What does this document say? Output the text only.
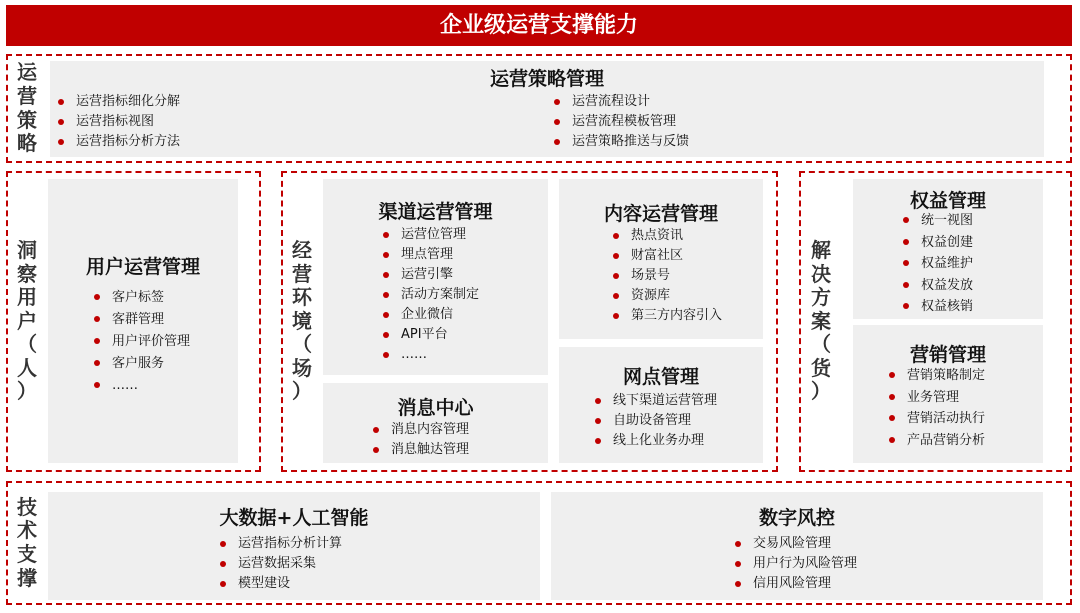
企业级运营支撑能力
运
营
策
略
运营策略管理
运营指标细化分解
运营指标视图
运营指标分析方法
运营流程设计
运营流程模板管理
运营策略推送与反馈
洞
察
用
户
（
人
）
用户运营管理
客户标签
客群管理
用户评价管理
客户服务
……
经
营
环
境
（
场
）
渠道运营管理
运营位管理
埋点管理
运营引擎
活动方案制定
企业微信
API平台
……
内容运营管理
热点资讯
财富社区
场景号
资源库
第三方内容引入
消息中心
消息内容管理
消息触达管理
网点管理
线下渠道运营管理
自助设备管理
线上化业务办理
解
决
方
案
（
货
）
权益管理
统一视图
权益创建
权益维护
权益发放
权益核销
营销管理
营销策略制定
业务管理
营销活动执行
产品营销分析
技
术
支
撑
大数据+人工智能
运营指标分析计算
运营数据采集
模型建设
数字风控
交易风险管理
用户行为风险管理
信用风险管理
